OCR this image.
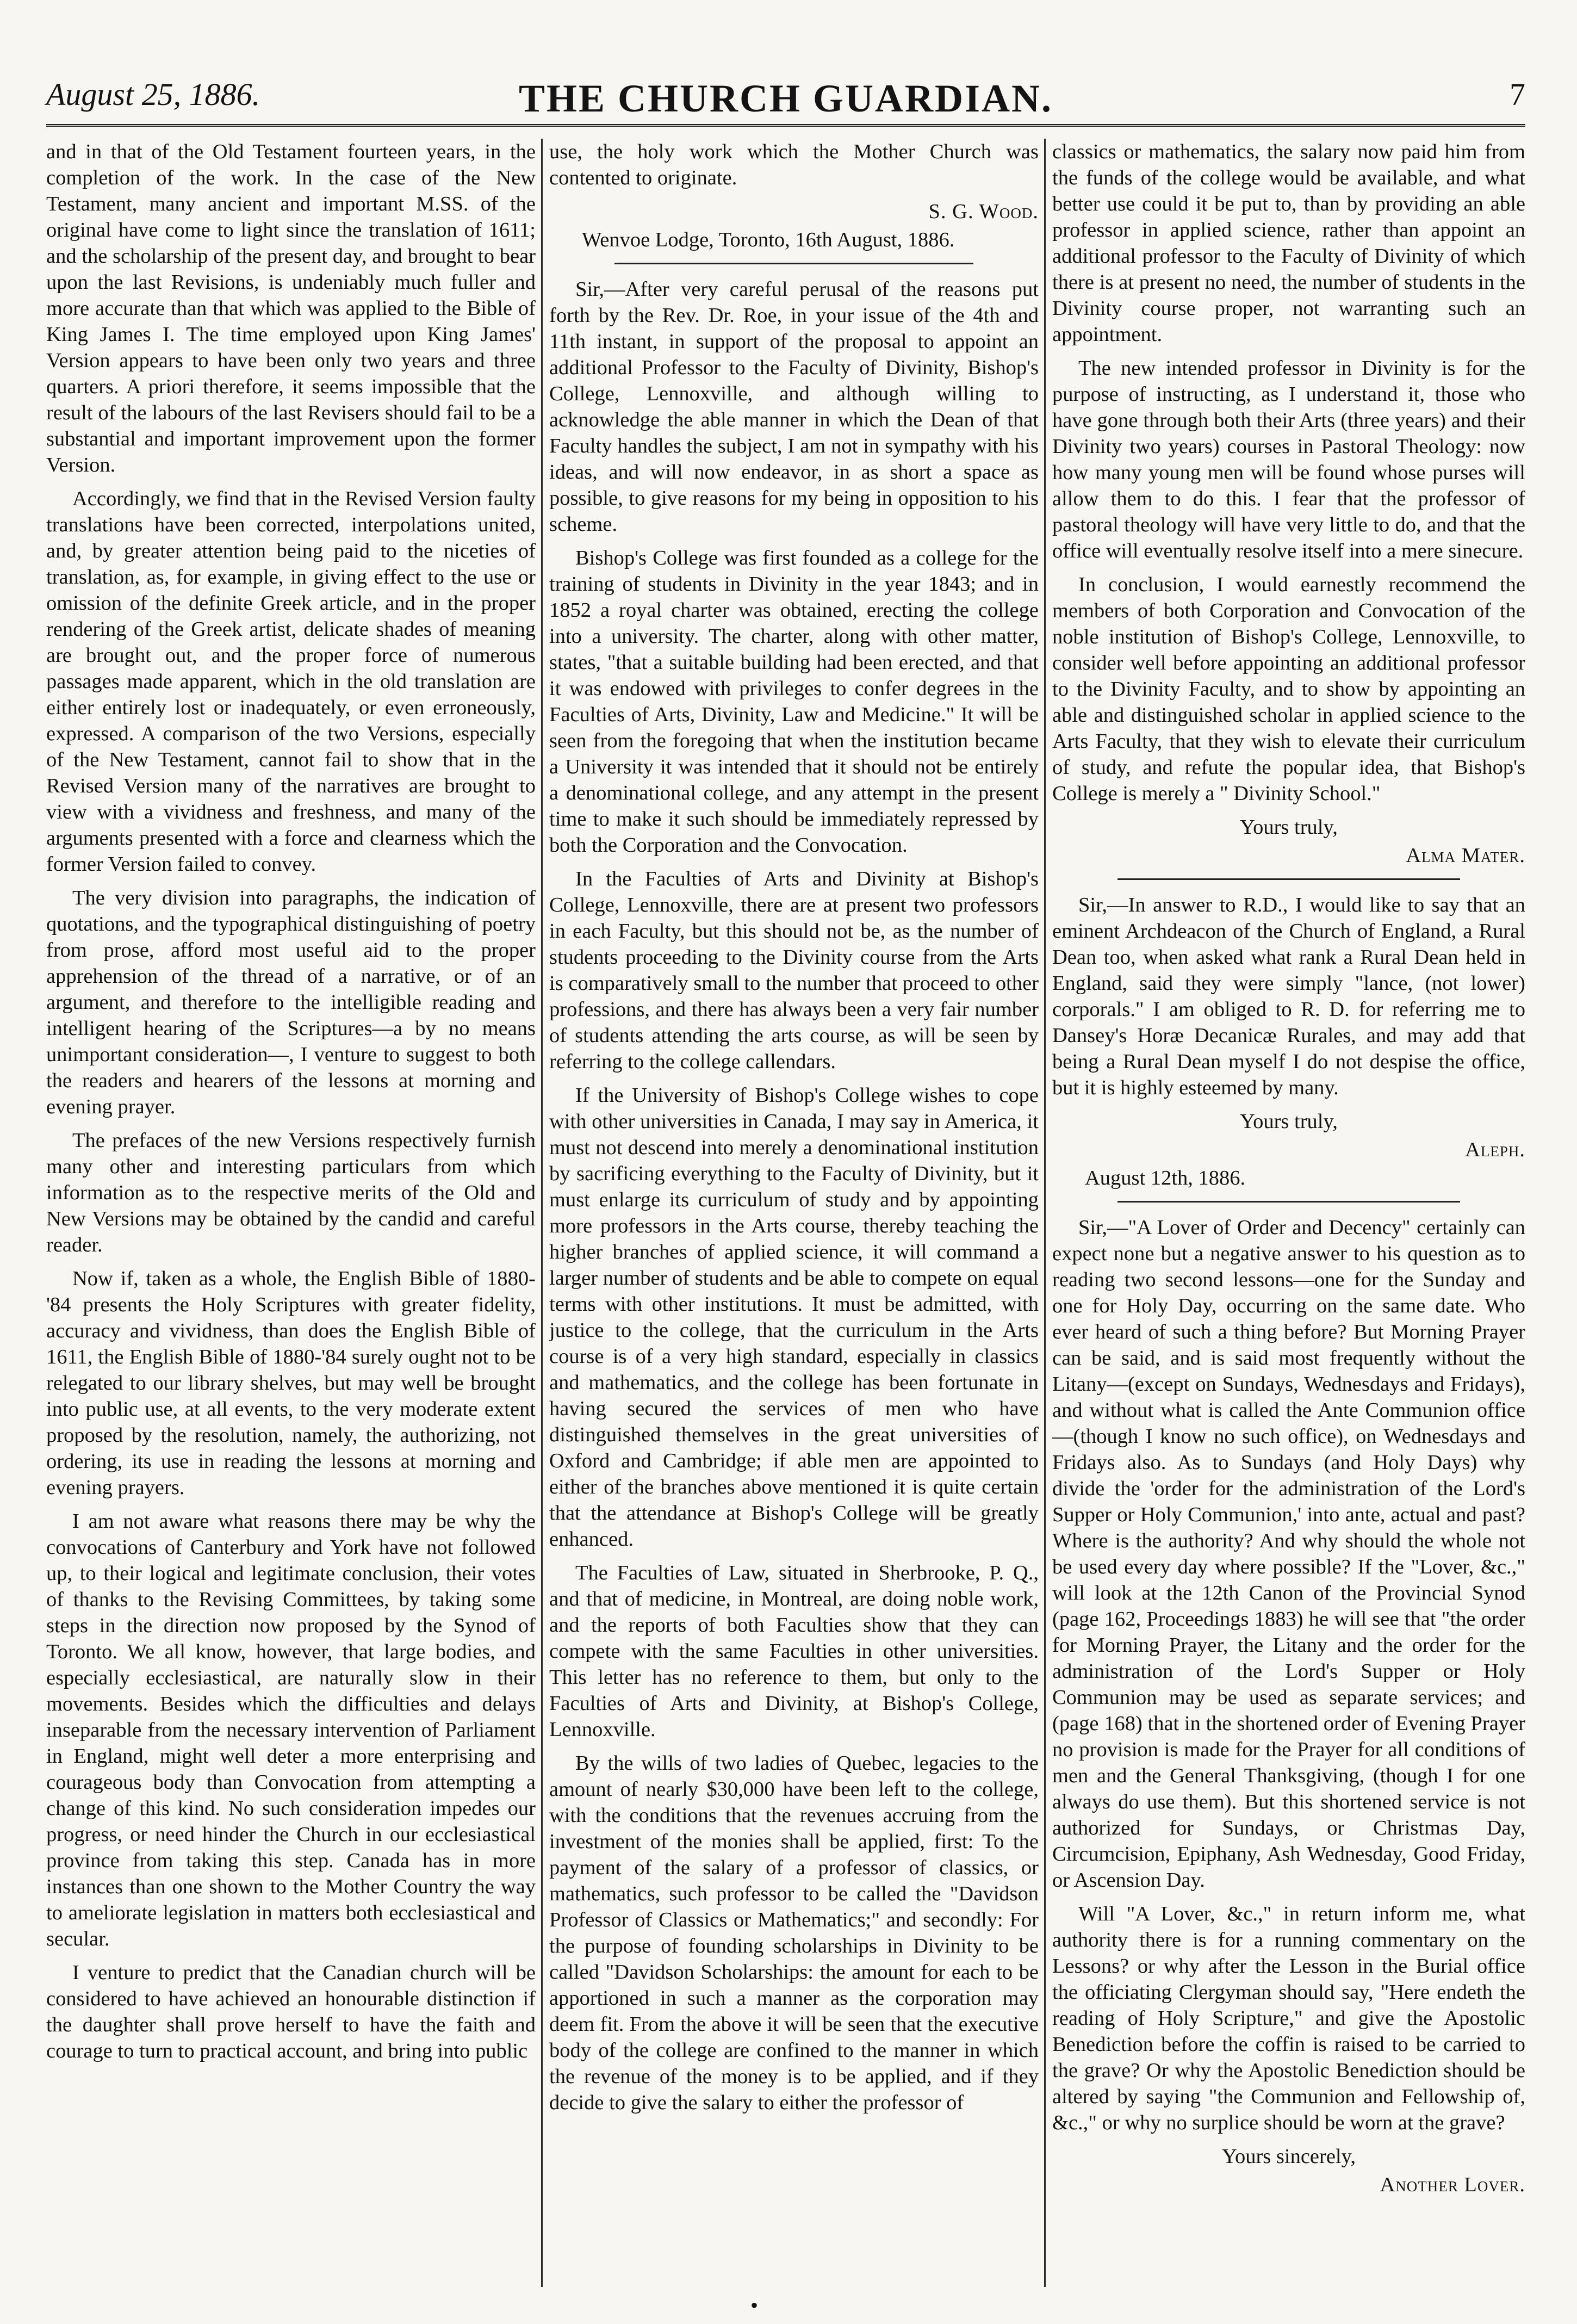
August 25, 1886.	THE CHURCH GUARDIAN.	7

and in that of the Old Testament fourteen years, in the completion of the work. In the case of the New Testament, many ancient and important M.SS. of the original have come to light since the translation of 1611; and the scholarship of the present day, and brought to bear upon the last Revisions, is undeniably much fuller and more accurate than that which was applied to the Bible of King James I. The time employed upon King James' Version appears to have been only two years and three quarters. A priori therefore, it seems impossible that the result of the labours of the last Revisers should fail to be a substantial and important improvement upon the former Version.

Accordingly, we find that in the Revised Version faulty translations have been corrected, interpolations united, and, by greater attention being paid to the niceties of translation, as, for example, in giving effect to the use or omission of the definite Greek article, and in the proper rendering of the Greek artist, delicate shades of meaning are brought out, and the proper force of numerous passages made apparent, which in the old translation are either entirely lost or inadequately, or even erroneously, expressed. A comparison of the two Versions, especially of the New Testament, cannot fail to show that in the Revised Version many of the narratives are brought to view with a vividness and freshness, and many of the arguments presented with a force and clearness which the former Version failed to convey.

The very division into paragraphs, the indication of quotations, and the typographical distinguishing of poetry from prose, afford most useful aid to the proper apprehension of the thread of a narrative, or of an argument, and therefore to the intelligible reading and intelligent hearing of the Scriptures—a by no means unimportant consideration—, I venture to suggest to both the readers and hearers of the lessons at morning and evening prayer.

The prefaces of the new Versions respectively furnish many other and interesting particulars from which information as to the respective merits of the Old and New Versions may be obtained by the candid and careful reader.

Now if, taken as a whole, the English Bible of 1880-'84 presents the Holy Scriptures with greater fidelity, accuracy and vividness, than does the English Bible of 1611, the English Bible of 1880-'84 surely ought not to be relegated to our library shelves, but may well be brought into public use, at all events, to the very moderate extent proposed by the resolution, namely, the authorizing, not ordering, its use in reading the lessons at morning and evening prayers.

I am not aware what reasons there may be why the convocations of Canterbury and York have not followed up, to their logical and legitimate conclusion, their votes of thanks to the Revising Committees, by taking some steps in the direction now proposed by the Synod of Toronto. We all know, however, that large bodies, and especially ecclesiastical, are naturally slow in their movements. Besides which the difficulties and delays inseparable from the necessary intervention of Parliament in England, might well deter a more enterprising and courageous body than Convocation from attempting a change of this kind. No such consideration impedes our progress, or need hinder the Church in our ecclesiastical province from taking this step. Canada has in more instances than one shown to the Mother Country the way to ameliorate legislation in matters both ecclesiastical and secular.

I venture to predict that the Canadian church will be considered to have achieved an honourable distinction if the daughter shall prove herself to have the faith and courage to turn to practical account, and bring into public

use, the holy work which the Mother Church was contented to originate.

S. G. Wood.
Wenvoe Lodge, Toronto, 16th August, 1886.

Sir,—After very careful perusal of the reasons put forth by the Rev. Dr. Roe, in your issue of the 4th and 11th instant, in support of the proposal to appoint an additional Professor to the Faculty of Divinity, Bishop's College, Lennoxville, and although willing to acknowledge the able manner in which the Dean of that Faculty handles the subject, I am not in sympathy with his ideas, and will now endeavor, in as short a space as possible, to give reasons for my being in opposition to his scheme.

Bishop's College was first founded as a college for the training of students in Divinity in the year 1843; and in 1852 a royal charter was obtained, erecting the college into a university. The charter, along with other matter, states, "that a suitable building had been erected, and that it was endowed with privileges to confer degrees in the Faculties of Arts, Divinity, Law and Medicine." It will be seen from the foregoing that when the institution became a University it was intended that it should not be entirely a denominational college, and any attempt in the present time to make it such should be immediately repressed by both the Corporation and the Convocation.

In the Faculties of Arts and Divinity at Bishop's College, Lennoxville, there are at present two professors in each Faculty, but this should not be, as the number of students proceeding to the Divinity course from the Arts is comparatively small to the number that proceed to other professions, and there has always been a very fair number of students attending the arts course, as will be seen by referring to the college callendars.

If the University of Bishop's College wishes to cope with other universities in Canada, I may say in America, it must not descend into merely a denominational institution by sacrificing everything to the Faculty of Divinity, but it must enlarge its curriculum of study and by appointing more professors in the Arts course, thereby teaching the higher branches of applied science, it will command a larger number of students and be able to compete on equal terms with other institutions. It must be admitted, with justice to the college, that the curriculum in the Arts course is of a very high standard, especially in classics and mathematics, and the college has been fortunate in having secured the services of men who have distinguished themselves in the great universities of Oxford and Cambridge; if able men are appointed to either of the branches above mentioned it is quite certain that the attendance at Bishop's College will be greatly enhanced.

The Faculties of Law, situated in Sherbrooke, P. Q., and that of medicine, in Montreal, are doing noble work, and the reports of both Faculties show that they can compete with the same Faculties in other universities. This letter has no reference to them, but only to the Faculties of Arts and Divinity, at Bishop's College, Lennoxville.

By the wills of two ladies of Quebec, legacies to the amount of nearly $30,000 have been left to the college, with the conditions that the revenues accruing from the investment of the monies shall be applied, first: To the payment of the salary of a professor of classics, or mathematics, such professor to be called the "Davidson Professor of Classics or Mathematics;" and secondly: For the purpose of founding scholarships in Divinity to be called "Davidson Scholarships: the amount for each to be apportioned in such a manner as the corporation may deem fit. From the above it will be seen that the executive body of the college are confined to the manner in which the revenue of the money is to be applied, and if they decide to give the salary to either the professor of

classics or mathematics, the salary now paid him from the funds of the college would be available, and what better use could it be put to, than by providing an able professor in applied science, rather than appoint an additional professor to the Faculty of Divinity of which there is at present no need, the number of students in the Divinity course proper, not warranting such an appointment.

The new intended professor in Divinity is for the purpose of instructing, as I understand it, those who have gone through both their Arts (three years) and their Divinity two years) courses in Pastoral Theology: now how many young men will be found whose purses will allow them to do this. I fear that the professor of pastoral theology will have very little to do, and that the office will eventually resolve itself into a mere sinecure.

In conclusion, I would earnestly recommend the members of both Corporation and Convocation of the noble institution of Bishop's College, Lennoxville, to consider well before appointing an additional professor to the Divinity Faculty, and to show by appointing an able and distinguished scholar in applied science to the Arts Faculty, that they wish to elevate their curriculum of study, and refute the popular idea, that Bishop's College is merely a " Divinity School."

Yours truly,
Alma Mater.

Sir,—In answer to R.D., I would like to say that an eminent Archdeacon of the Church of England, a Rural Dean too, when asked what rank a Rural Dean held in England, said they were simply "lance, (not lower) corporals." I am obliged to R. D. for referring me to Dansey's Horæ Decanicæ Rurales, and may add that being a Rural Dean myself I do not despise the office, but it is highly esteemed by many.

Yours truly,
Aleph.
August 12th, 1886.

Sir,—"A Lover of Order and Decency" certainly can expect none but a negative answer to his question as to reading two second lessons—one for the Sunday and one for Holy Day, occurring on the same date. Who ever heard of such a thing before? But Morning Prayer can be said, and is said most frequently without the Litany—(except on Sundays, Wednesdays and Fridays), and without what is called the Ante Communion office—(though I know no such office), on Wednesdays and Fridays also. As to Sundays (and Holy Days) why divide the 'order for the administration of the Lord's Supper or Holy Communion,' into ante, actual and past? Where is the authority? And why should the whole not be used every day where possible? If the "Lover, &c.," will look at the 12th Canon of the Provincial Synod (page 162, Proceedings 1883) he will see that "the order for Morning Prayer, the Litany and the order for the administration of the Lord's Supper or Holy Communion may be used as separate services; and (page 168) that in the shortened order of Evening Prayer no provision is made for the Prayer for all conditions of men and the General Thanksgiving, (though I for one always do use them). But this shortened service is not authorized for Sundays, or Christmas Day, Circumcision, Epiphany, Ash Wednesday, Good Friday, or Ascension Day.

Will "A Lover, &c.," in return inform me, what authority there is for a running commentary on the Lessons? or why after the Lesson in the Burial office the officiating Clergyman should say, "Here endeth the reading of Holy Scripture," and give the Apostolic Benediction before the coffin is raised to be carried to the grave? Or why the Apostolic Benediction should be altered by saying "the Communion and Fellowship of, &c.," or why no surplice should be worn at the grave?

Yours sincerely,
Another Lover.
•
